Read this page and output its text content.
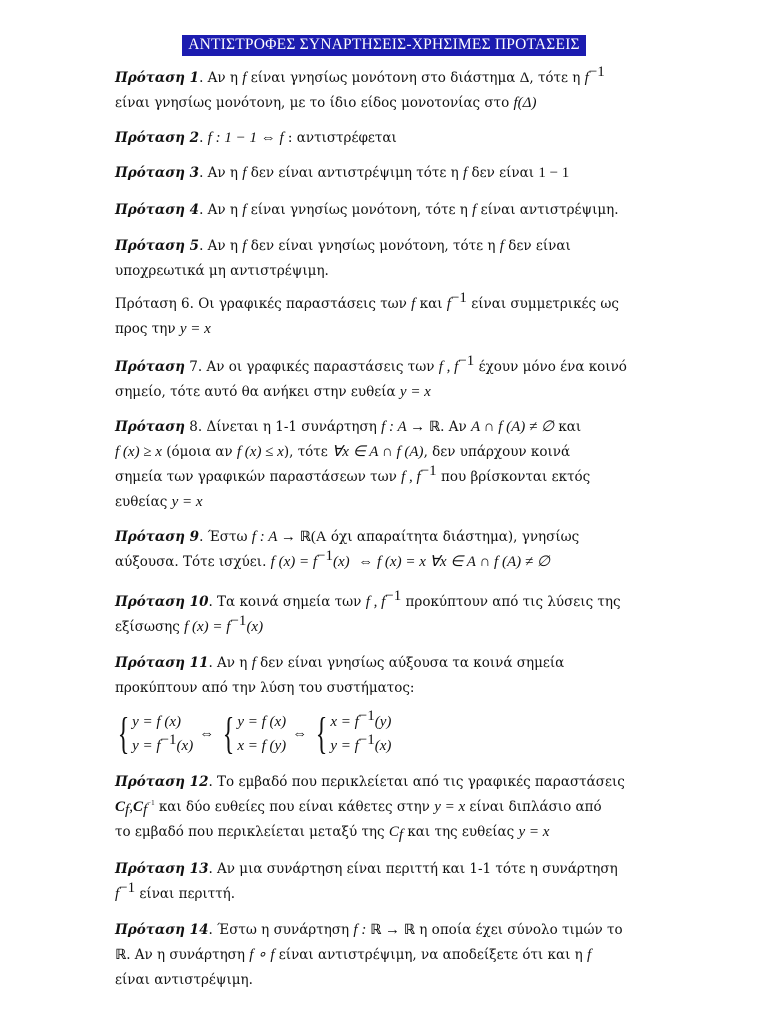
ΑΝΤΙΣΤΡΟΦΕΣ ΣΥΝΑΡΤΗΣΕΙΣ-ΧΡΗΣΙΜΕΣ ΠΡΟΤΑΣΕΙΣ

Πρόταση 1. Αν η f είναι γνησίως μονότονη στο διάστημα Δ, τότε η $f^{-1}$
είναι γνησίως μονότονη, με το ίδιο είδος μονοτονίας στο f(Δ)

Πρόταση 2. f : 1 − 1 ⇔ f : αντιστρέφεται

Πρόταση 3. Αν η f δεν είναι αντιστρέψιμη τότε η f δεν είναι 1 − 1

Πρόταση 4. Αν η f είναι γνησίως μονότονη, τότε η f είναι αντιστρέψιμη.

Πρόταση 5. Αν η f δεν είναι γνησίως μονότονη, τότε η f δεν είναι
υποχρεωτικά μη αντιστρέψιμη.

Πρόταση 6. Οι γραφικές παραστάσεις των f και $f^{-1}$ είναι συμμετρικές ως
προς την y = x

Πρόταση 7. Αν οι γραφικές παραστάσεις των f , $f^{-1}$ έχουν μόνο ένα κοινό
σημείο, τότε αυτό θα ανήκει στην ευθεία y = x

Πρόταση 8. Δίνεται η 1-1 συνάρτηση f : A → ℝ. Αν A ∩ f (A) ≠ ∅ και
f (x) ≥ x (όμοια αν f (x) ≤ x), τότε ∀x ∈ A ∩ f (A), δεν υπάρχουν κοινά
σημεία των γραφικών παραστάσεων των f , $f^{-1}$ που βρίσκονται εκτός
ευθείας y = x

Πρόταση 9. Έστω f : A → ℝ(A όχι απαραίτητα διάστημα), γνησίως
αύξουσα. Τότε ισχύει. f $(x) = f^{-1}(x)$ ⇔ f (x) = x ∀x ∈ A ∩ f (A) ≠ ∅

Πρόταση 10. Τα κοινά σημεία των f , $f^{-1}$ προκύπτουν από τις λύσεις της
εξίσωσης f $(x) = f^{-1}(x)$

Πρόταση 11. Αν η f δεν είναι γνησίως αύξουσα τα κοινά σημεία
προκύπτουν από την λύση του συστήματος:

{ y = f (x)
$y = f^{-1}(x)$
⇔ { y = f (x)
x = f (y)
⇔ { $x = f^{-1}(y)$
$y = f^{-1}(x)$

Πρόταση 12. Το εμβαδό που περικλείεται από τις γραφικές παραστάσεις
$C_f,C_f^{-1}$ και δύο ευθείες που είναι κάθετες στην y = x είναι διπλάσιο από
το εμβαδό που περικλείεται μεταξύ της $C_f$ και της ευθείας y = x

Πρόταση 13. Αν μια συνάρτηση είναι περιττή και 1-1 τότε η συνάρτηση
$f^{-1}$ είναι περιττή.

Πρόταση 14. Έστω η συνάρτηση f : ℝ → ℝ η οποία έχει σύνολο τιμών το
ℝ. Αν η συνάρτηση f ∘ f είναι αντιστρέψιμη, να αποδείξετε ότι και η f
είναι αντιστρέψιμη.
